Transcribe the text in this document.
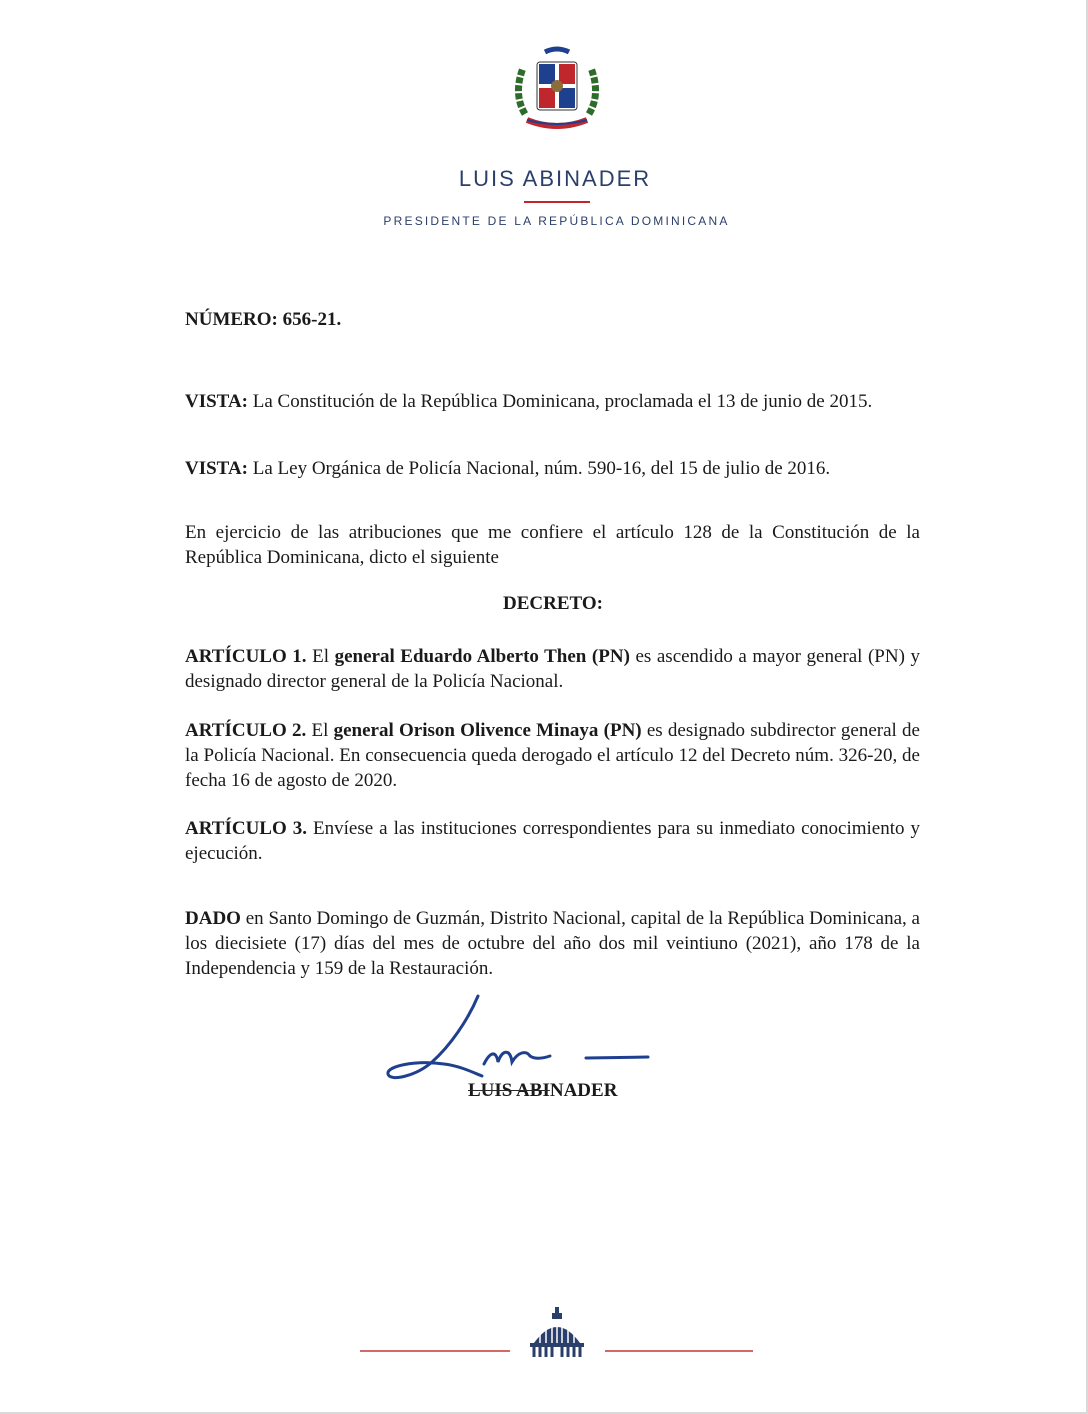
LUIS ABINADER
PRESIDENTE DE LA REPÚBLICA DOMINICANA
NÚMERO: 656-21.
VISTA: La Constitución de la República Dominicana, proclamada el 13 de junio de 2015.
VISTA: La Ley Orgánica de Policía Nacional, núm. 590-16, del 15 de julio de 2016.
En ejercicio de las atribuciones que me confiere el artículo 128 de la Constitución de la República Dominicana, dicto el siguiente
DECRETO:
ARTÍCULO 1. El general Eduardo Alberto Then (PN) es ascendido a mayor general (PN) y designado director general de la Policía Nacional.
ARTÍCULO 2. El general Orison Olivence Minaya (PN) es designado subdirector general de la Policía Nacional. En consecuencia queda derogado el artículo 12 del Decreto núm. 326-20, de fecha 16 de agosto de 2020.
ARTÍCULO 3. Envíese a las instituciones correspondientes para su inmediato conocimiento y ejecución.
DADO en Santo Domingo de Guzmán, Distrito Nacional, capital de la República Dominicana, a los diecisiete (17) días del mes de octubre del año dos mil veintiuno (2021), año 178 de la Independencia y 159 de la Restauración.
LUIS ABINADER
